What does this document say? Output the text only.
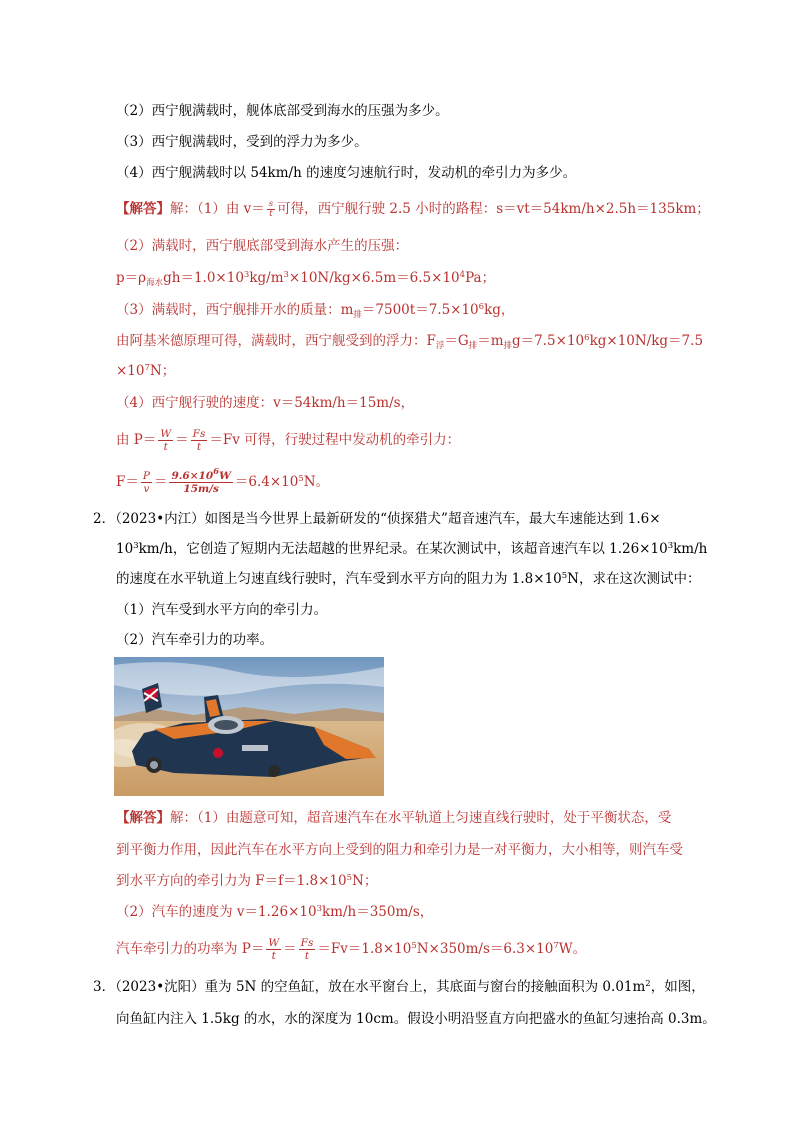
（2）西宁舰满载时，舰体底部受到海水的压强为多少。
（3）西宁舰满载时，受到的浮力为多少。
（4）西宁舰满载时以 54km/h 的速度匀速航行时，发动机的牵引力为多少。
【解答】解：（1）由 $v= \frac{s}{t}$ 可得，西宁舰行驶 2.5 小时的路程：s＝vt＝54km/h×2.5h＝135km；
（2）满载时，西宁舰底部受到海水产生的压强：
$p=\rho_{海水}gh=1.0\times 10^3kg/m^3\times 10N/kg\times 6.5m=6.5\times 10^4Pa$；
（3）满载时，西宁舰排开水的质量：$m_排=7500t=7.5\times 10^6kg$，
由阿基米德原理可得，满载时，西宁舰受到的浮力：$F_浮=G_排=m_排g=7.5\times 10^6kg\times 10N/kg=7.5$
$\times 10^7N$；
（4）西宁舰行驶的速度：v＝54km/h＝15m/s，
由 $P= \frac{W}{t} = \frac{Fs}{t} =Fv$ 可得，行驶过程中发动机的牵引力：
$F= \frac{P}{v} = \frac{9.6\times 10^6W}{15m/s} =6.4\times 10^5N$。
2．（2023•内江）如图是当今世界上最新研发的“侦探猎犬”超音速汽车，最大车速能达到 1.6×
$10^3km/h$，它创造了短期内无法超越的世界纪录。在某次测试中，该超音速汽车以 $1.26\times 10^3km/h$
的速度在水平轨道上匀速直线行驶时，汽车受到水平方向的阻力为 $1.8\times 10^5N$，求在这次测试中：
（1）汽车受到水平方向的牵引力。
（2）汽车牵引力的功率。
【解答】解：（1）由题意可知，超音速汽车在水平轨道上匀速直线行驶时，处于平衡状态，受
到平衡力作用，因此汽车在水平方向上受到的阻力和牵引力是一对平衡力，大小相等，则汽车受
到水平方向的牵引力为 $F=f=1.8\times 10^5N$；
（2）汽车的速度为 $v=1.26\times 10^3km/h=350m/s$，
汽车牵引力的功率为 $P= \frac{W}{t} = \frac{Fs}{t} =Fv=1.8\times 10^5N\times 350m/s=6.3\times 10^7W$。
3．（2023•沈阳）重为 5N 的空鱼缸，放在水平窗台上，其底面与窗台的接触面积为 $0.01m^2$，如图，
向鱼缸内注入 1.5kg 的水，水的深度为 10cm。假设小明沿竖直方向把盛水的鱼缸匀速抬高 0.3m。
